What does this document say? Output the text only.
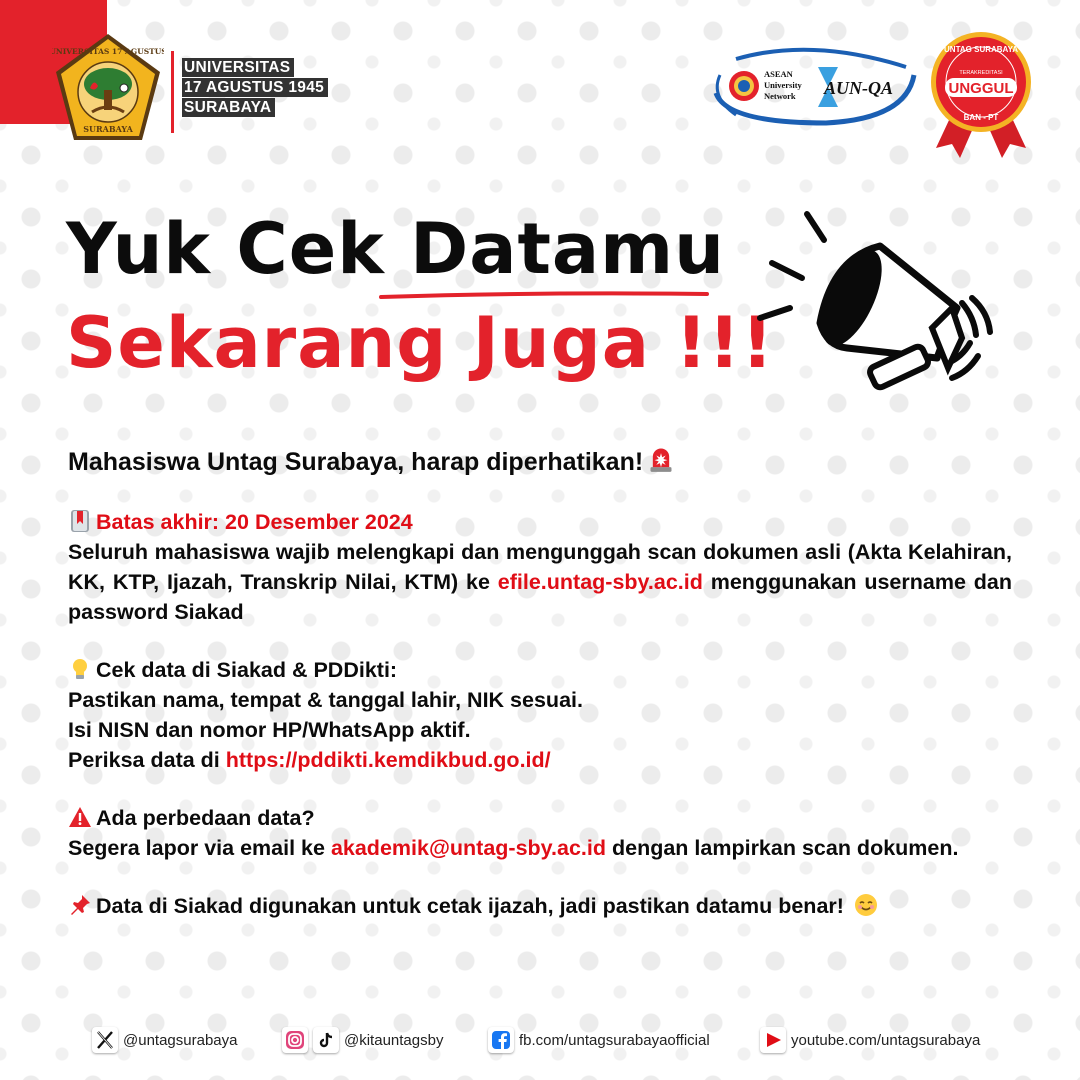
UNIVERSITAS 17 AGUSTUS
SURABAYA
UNIVERSITAS
17 AGUSTUS 1945
SURABAYA
ASEAN
University
Network AUN-QA
UNTAG SURABAYA
TERAKREDITASI
UNGGUL
BAN - PT
Yuk Cek Datamu
Sekarang Juga !!!
Mahasiswa Untag Surabaya, harap diperhatikan!
Batas akhir: 20 Desember 2024
Seluruh mahasiswa wajib melengkapi dan mengunggah scan dokumen asli (Akta Kelahiran, KK, KTP, Ijazah, Transkrip Nilai, KTM) ke efile.untag-sby.ac.id menggunakan username dan password Siakad
Cek data di Siakad & PDDikti:
Pastikan nama, tempat & tanggal lahir, NIK sesuai.
Isi NISN dan nomor HP/WhatsApp aktif.
Periksa data di https://pddikti.kemdikbud.go.id/
Ada perbedaan data?
Segera lapor via email ke akademik@untag-sby.ac.id dengan lampirkan scan dokumen.
Data di Siakad digunakan untuk cetak ijazah, jadi pastikan datamu benar!
@untagsurabaya	@kitauntagsby	fb.com/untagsurabayaofficial	youtube.com/untagsurabaya
